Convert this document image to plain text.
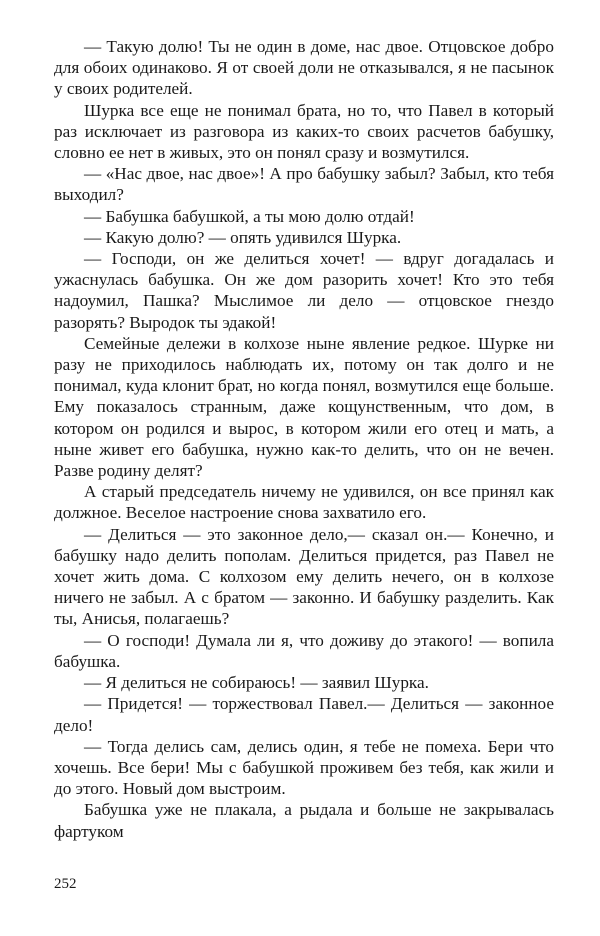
— Такую долю! Ты не один в доме, нас двое. Отцовское добро для обоих одинаково. Я от своей доли не отказывался, я не пасынок у своих родителей.

Шурка все еще не понимал брата, но то, что Павел в который раз исключает из разговора из каких-то своих расчетов бабушку, словно ее нет в живых, это он понял сразу и возмутился.

— «Нас двое, нас двое»! А про бабушку забыл? Забыл, кто тебя выходил?

— Бабушка бабушкой, а ты мою долю отдай!

— Какую долю? — опять удивился Шурка.

— Господи, он же делиться хочет! — вдруг догадалась и ужаснулась бабушка. Он же дом разорить хочет! Кто это тебя надоумил, Пашка? Мыслимое ли дело — отцовское гнездо разорять? Выродок ты эдакой!

Семейные дележи в колхозе ныне явление редкое. Шурке ни разу не приходилось наблюдать их, потому он так долго и не понимал, куда клонит брат, но когда понял, возмутился еще больше. Ему показалось странным, даже кощунственным, что дом, в котором он родился и вырос, в котором жили его отец и мать, а ныне живет его бабушка, нужно как-то делить, что он не вечен. Разве родину делят?

А старый председатель ничему не удивился, он все принял как должное. Веселое настроение снова захватило его.

— Делиться — это законное дело,— сказал он.— Конечно, и бабушку надо делить пополам. Делиться придется, раз Павел не хочет жить дома. С колхозом ему делить нечего, он в колхозе ничего не забыл. А с братом — законно. И бабушку разделить. Как ты, Анисья, полагаешь?

— О господи! Думала ли я, что доживу до этакого! — вопила бабушка.

— Я делиться не собираюсь! — заявил Шурка.

— Придется! — торжествовал Павел.— Делиться — законное дело!

— Тогда делись сам, делись один, я тебе не помеха. Бери что хочешь. Все бери! Мы с бабушкой проживем без тебя, как жили и до этого. Новый дом выстроим.

Бабушка уже не плакала, а рыдала и больше не закрывалась фартуком

252
